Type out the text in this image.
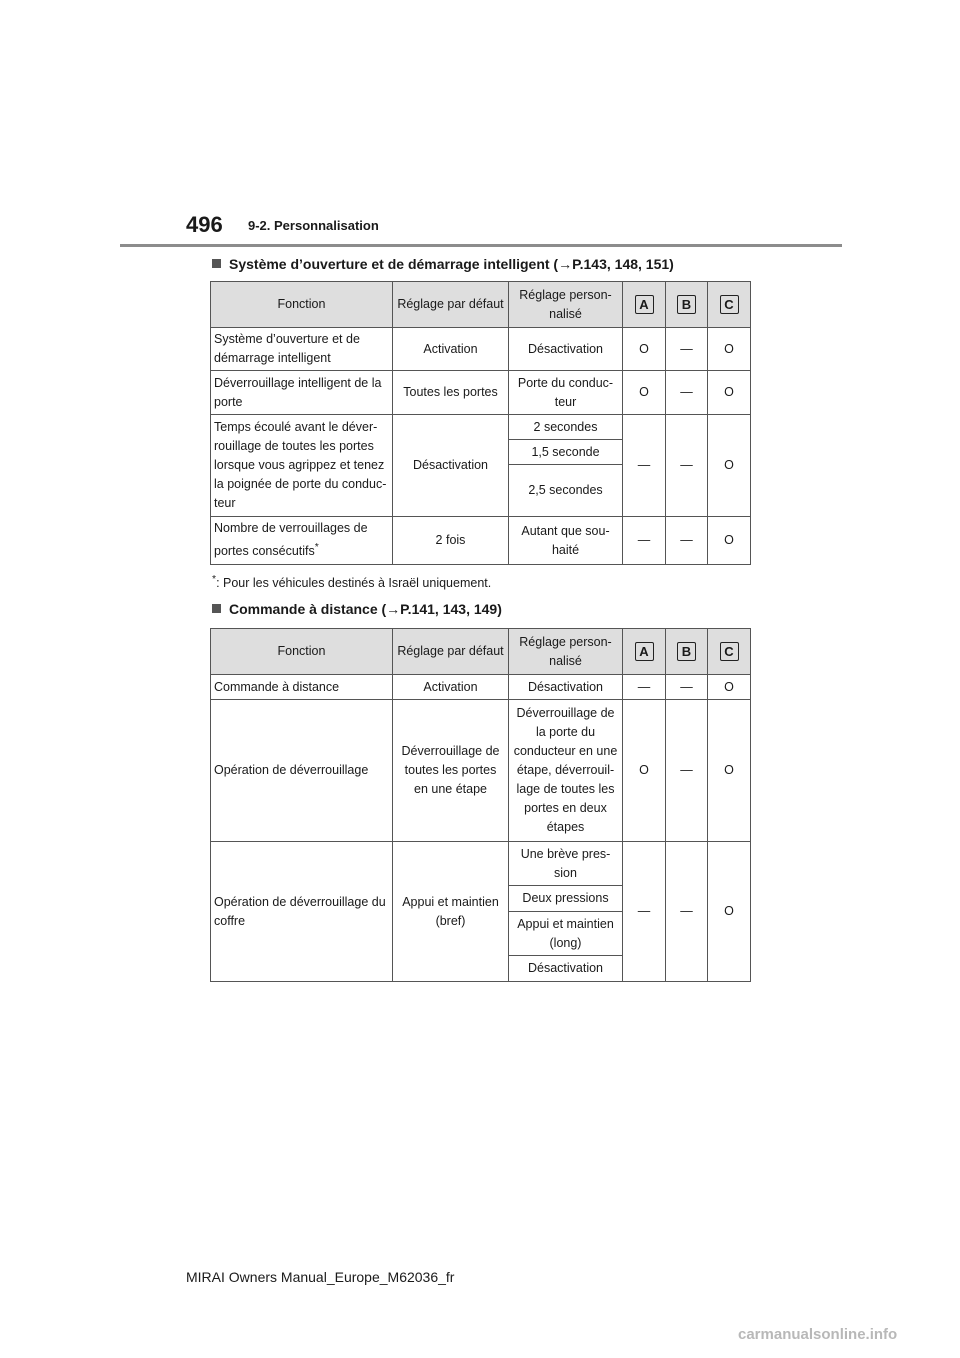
496 9-2. Personnalisation
Système d’ouverture et de démarrage intelligent (→P.143, 148, 151)
Fonction	Réglage par défaut	Réglage person-nalisé	A	B	C
Système d’ouverture et de démarrage intelligent	Activation	Désactivation	O	—	O
Déverrouillage intelligent de la porte	Toutes les portes	Porte du conduc-teur	O	—	O
Temps écoulé avant le déver-rouillage de toutes les portes lorsque vous agrippez et tenez la poignée de porte du conduc-teur	Désactivation	2 secondes	—	—	O
		1,5 seconde			
		2,5 secondes			
Nombre de verrouillages de portes consécutifs*	2 fois	Autant que sou-haité	—	—	O
*: Pour les véhicules destinés à Israël uniquement.
Commande à distance (→P.141, 143, 149)
Fonction	Réglage par défaut	Réglage person-nalisé	A	B	C
Commande à distance	Activation	Désactivation	—	—	O
Opération de déverrouillage	Déverrouillage de toutes les portes en une étape	Déverrouillage de la porte du conducteur en une étape, déverrouil-lage de toutes les portes en deux étapes	O	—	O
Opération de déverrouillage du coffre	Appui et maintien (bref)	Une brève pres-sion	—	—	O
		Deux pressions			
		Appui et maintien (long)			
		Désactivation			
MIRAI Owners Manual_Europe_M62036_fr
carmanualsonline.info
